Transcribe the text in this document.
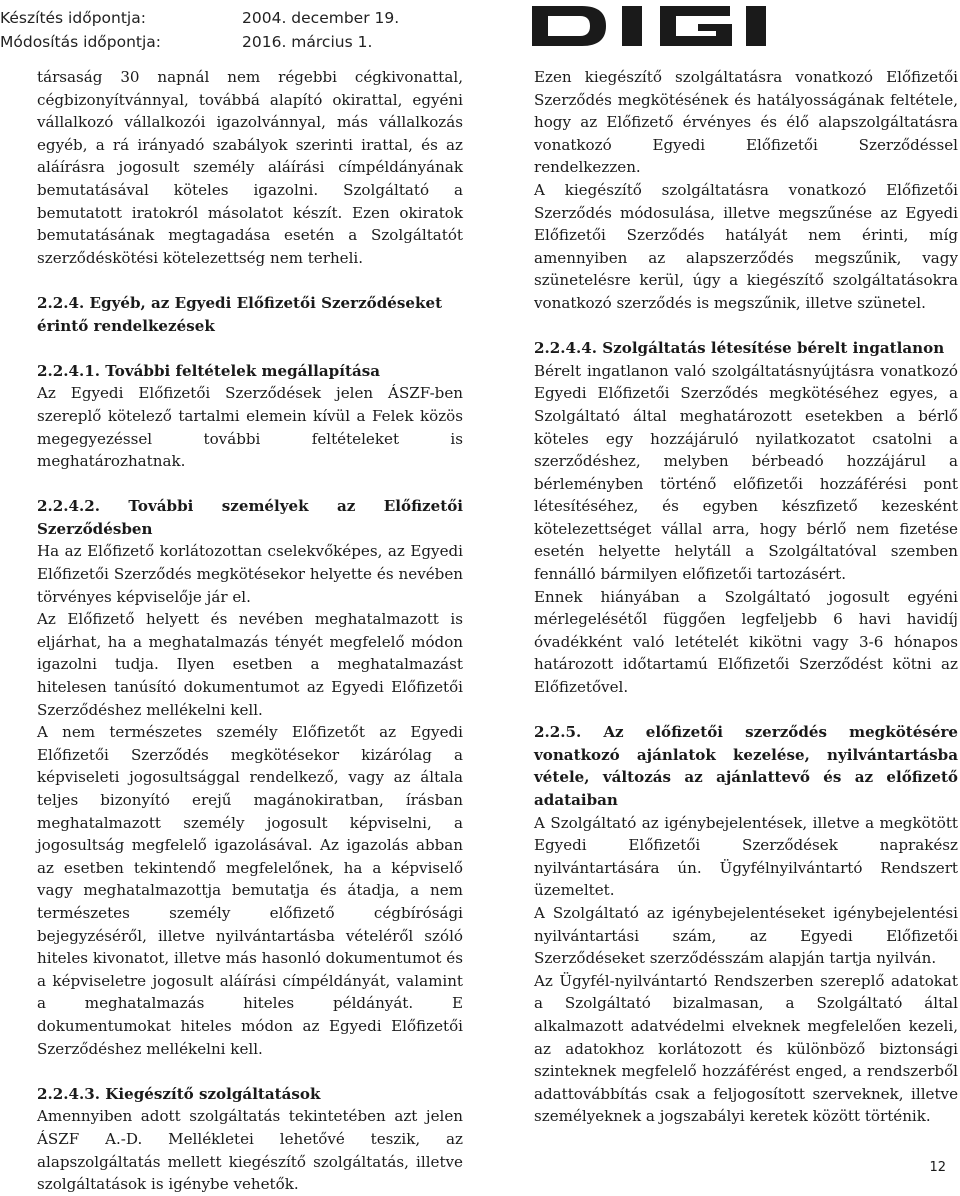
Készítés időpontja:	2004. december 19.
Módosítás időpontja:	2016. március 1.

társaság 30 napnál nem régebbi cégkivonattal, cégbizonyítvánnyal, továbbá alapító okirattal, egyéni vállalkozó vállalkozói igazolvánnyal, más vállalkozás egyéb, a rá irányadó szabályok szerinti irattal, és az aláírásra jogosult személy aláírási címpéldányának bemutatásával köteles igazolni. Szolgáltató a bemutatott iratokról másolatot készít. Ezen okiratok bemutatásának megtagadása esetén a Szolgáltatót szerződéskötési kötelezettség nem terheli.

2.2.4. Egyéb, az Egyedi Előfizetői Szerződéseket érintő rendelkezések
2.2.4.1. További feltételek megállapítása

Az Egyedi Előfizetői Szerződések jelen ÁSZF-ben szereplő kötelező tartalmi elemein kívül a Felek közös megegyezéssel további feltételeket is meghatározhatnak.

2.2.4.2. További személyek az Előfizetői Szerződésben

Ha az Előfizető korlátozottan cselekvőképes, az Egyedi Előfizetői Szerződés megkötésekor helyette és nevében törvényes képviselője jár el.

Az Előfizető helyett és nevében meghatalmazott is eljárhat, ha a meghatalmazás tényét megfelelő módon igazolni tudja. Ilyen esetben a meghatalmazást hitelesen tanúsító dokumentumot az Egyedi Előfizetői Szerződéshez mellékelni kell.

A nem természetes személy Előfizetőt az Egyedi Előfizetői Szerződés megkötésekor kizárólag a képviseleti jogosultsággal rendelkező, vagy az általa teljes bizonyító erejű magánokiratban, írásban meghatalmazott személy jogosult képviselni, a jogosultság megfelelő igazolásával. Az igazolás abban az esetben tekintendő megfelelőnek, ha a képviselő vagy meghatalmazottja bemutatja és átadja, a nem természetes személy előfizető cégbírósági bejegyzéséről, illetve nyilvántartásba vételéről szóló hiteles kivonatot, illetve más hasonló dokumentumot és a képviseletre jogosult aláírási címpéldányát, valamint a meghatalmazás hiteles példányát. E dokumentumokat hiteles módon az Egyedi Előfizetői Szerződéshez mellékelni kell.

2.2.4.3. Kiegészítő szolgáltatások

Amennyiben adott szolgáltatás tekintetében azt jelen ÁSZF A.-D. Mellékletei lehetővé teszik, az alapszolgáltatás mellett kiegészítő szolgáltatás, illetve szolgáltatások is igénybe vehetők.

Ezen kiegészítő szolgáltatásra vonatkozó Előfizetői Szerződés megkötésének és hatályosságának feltétele, hogy az Előfizető érvényes és élő alapszolgáltatásra vonatkozó Egyedi Előfizetői Szerződéssel rendelkezzen.

A kiegészítő szolgáltatásra vonatkozó Előfizetői Szerződés módosulása, illetve megszűnése az Egyedi Előfizetői Szerződés hatályát nem érinti, míg amennyiben az alapszerződés megszűnik, vagy szünetelésre kerül, úgy a kiegészítő szolgáltatásokra vonatkozó szerződés is megszűnik, illetve szünetel.

2.2.4.4. Szolgáltatás létesítése bérelt ingatlanon

Bérelt ingatlanon való szolgáltatásnyújtásra vonatkozó Egyedi Előfizetői Szerződés megkötéséhez egyes, a Szolgáltató által meghatározott esetekben a bérlő köteles egy hozzájáruló nyilatkozatot csatolni a szerződéshez, melyben bérbeadó hozzájárul a bérleményben történő előfizetői hozzáférési pont létesítéséhez, és egyben készfizető kezesként kötelezettséget vállal arra, hogy bérlő nem fizetése esetén helyette helytáll a Szolgáltatóval szemben fennálló bármilyen előfizetői tartozásért.

Ennek hiányában a Szolgáltató jogosult egyéni mérlegelésétől függően legfeljebb 6 havi havidíj óvadékként való letételét kikötni vagy 3-6 hónapos határozott időtartamú Előfizetői Szerződést kötni az Előfizetővel.

2.2.5. Az előfizetői szerződés megkötésére vonatkozó ajánlatok kezelése, nyilvántartásba vétele, változás az ajánlattevő és az előfizető adataiban

A Szolgáltató az igénybejelentések, illetve a megkötött Egyedi Előfizetői Szerződések naprakész nyilvántartására ún. Ügyfélnyilvántartó Rendszert üzemeltet.

A Szolgáltató az igénybejelentéseket igénybejelentési nyilvántartási szám, az Egyedi Előfizetői Szerződéseket szerződésszám alapján tartja nyilván.

Az Ügyfél-nyilvántartó Rendszerben szereplő adatokat a Szolgáltató bizalmasan, a Szolgáltató által alkalmazott adatvédelmi elveknek megfelelően kezeli, az adatokhoz korlátozott és különböző biztonsági szinteknek megfelelő hozzáférést enged, a rendszerből adattovábbítás csak a feljogosított szerveknek, illetve személyeknek a jogszabályi keretek között történik.

12
